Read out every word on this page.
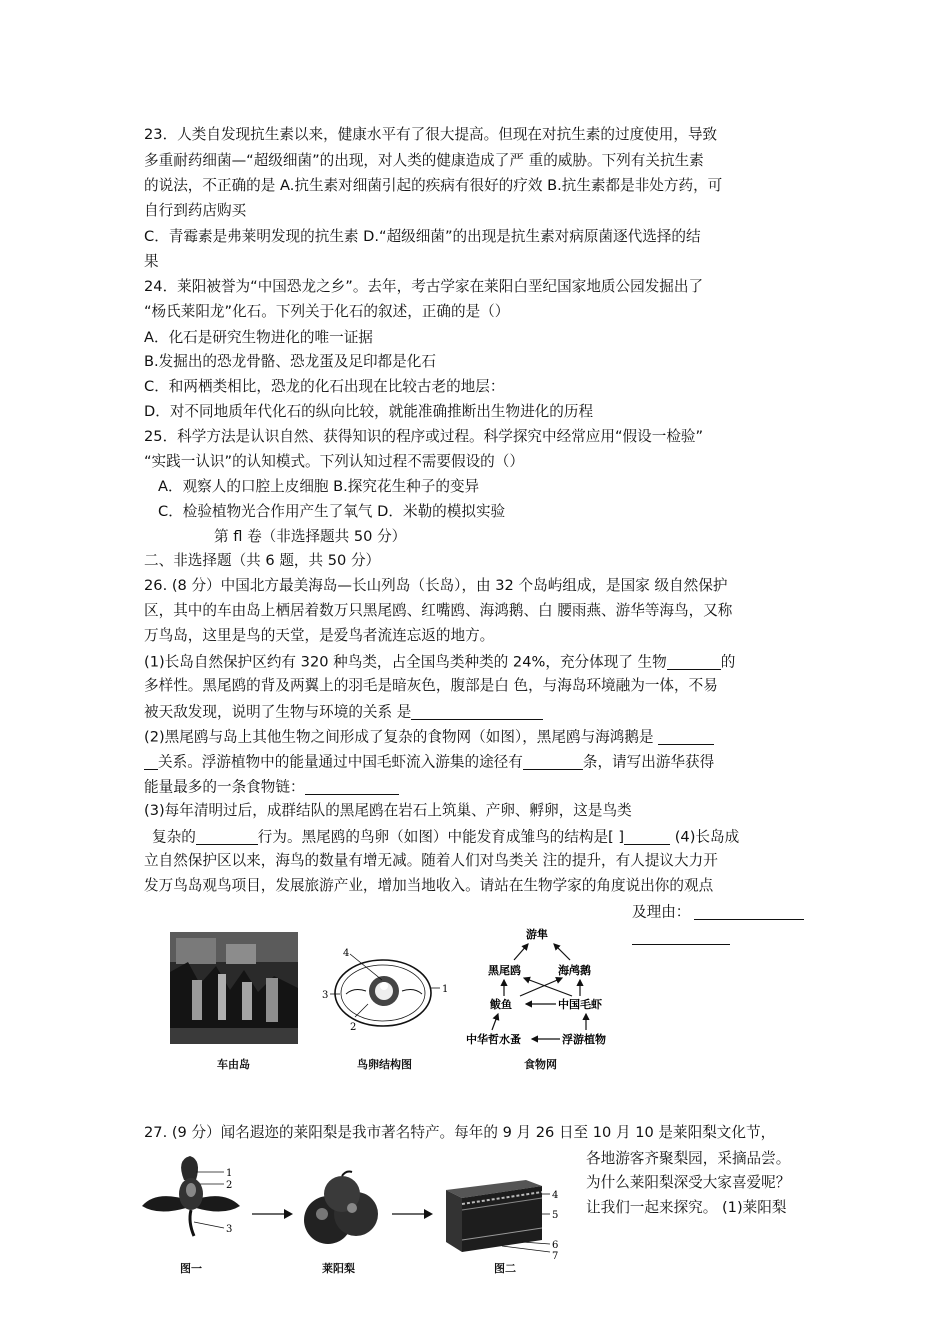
23．人类自发现抗生素以来，健康水平有了很大提高。但现在对抗生素的过度使用，导致
多重耐药细菌—“超级细菌”的出现，对人类的健康造成了严 重的威胁。下列有关抗生素
的说法，不正确的是 A.抗生素对细菌引起的疾病有很好的疗效 B.抗生素都是非处方药，可
自行到药店购买
C．青霉素是弗莱明发现的抗生素 D.“超级细菌”的出现是抗生素对病原菌逐代选择的结
果
24．莱阳被誉为“中国恐龙之乡”。去年，考古学家在莱阳白垩纪国家地质公园发掘出了
“杨氏莱阳龙”化石。下列关于化石的叙述，正确的是（）
A．化石是研究生物进化的唯一证据
B.发掘出的恐龙骨骼、恐龙蛋及足印都是化石
C．和两栖类相比，恐龙的化石出现在比较古老的地层：
D．对不同地质年代化石的纵向比较，就能准确推断出生物进化的历程
25．科学方法是认识自然、获得知识的程序或过程。科学探究中经常应用“假设一检验”
“实践一认识”的认知模式。下列认知过程不需要假设的（）
A．观察人的口腔上皮细胞 B.探究花生种子的变异
C．检验植物光合作用产生了氧气 D．米勒的模拟实验
第 fl 卷（非选择题共 50 分）
二、非选择题（共 6 题，共 50 分）
26. (8 分）中国北方最美海岛—长山列岛（长岛），由 32 个岛屿组成，是国家 级自然保护
区，其中的车由岛上栖居着数万只黑尾鸥、红嘴鸥、海鸿鹅、白 腰雨燕、游华等海鸟，又称
万鸟岛，这里是鸟的天堂，是爱鸟者流连忘返的地方。
(1)长岛自然保护区约有 320 种鸟类，占全国鸟类种类的 24%，充分体现了 生物	的
多样性。黑尾鸥的背及两翼上的羽毛是暗灰色，腹部是白 色，与海岛环境融为一体，不易
被天敌发现，说明了生物与环境的关系 是
(2)黑尾鸥与岛上其他生物之间形成了复杂的食物网（如图），黑尾鸥与海鸿鹅是
关系。浮游植物中的能量通过中国毛虾流入游集的途径有	条，请写出游华获得
能量最多的一条食物链：
(3)每年清明过后，成群结队的黑尾鸥在岩石上筑巢、产卵、孵卵，这是鸟类
复杂的	行为。黑尾鸥的鸟卵（如图）中能发育成雏鸟的结构是[ ]	(4)长岛成
立自然保护区以来，海鸟的数量有增无减。随着人们对鸟类关 注的提升，有人提议大力开
发万鸟岛观鸟项目，发展旅游产业，增加当地收入。请站在生物学家的角度说出你的观点
及理由：
车由岛
4
1
2
3
鸟卵结构图
游隼
黑尾鸥	海鸬鹅
鲅鱼	中国毛虾
中华哲水蚤	浮游植物
食物网
27. (9 分）闻名遐迩的莱阳梨是我市著名特产。每年的 9 月 26 日至 10 月 10 是莱阳梨文化节，
各地游客齐聚梨园，采摘品尝。
为什么莱阳梨深受大家喜爱呢？
让我们一起来探究。 (1)莱阳梨
1
2
3
图一	莱阳梨
4
5
6
7
图二
